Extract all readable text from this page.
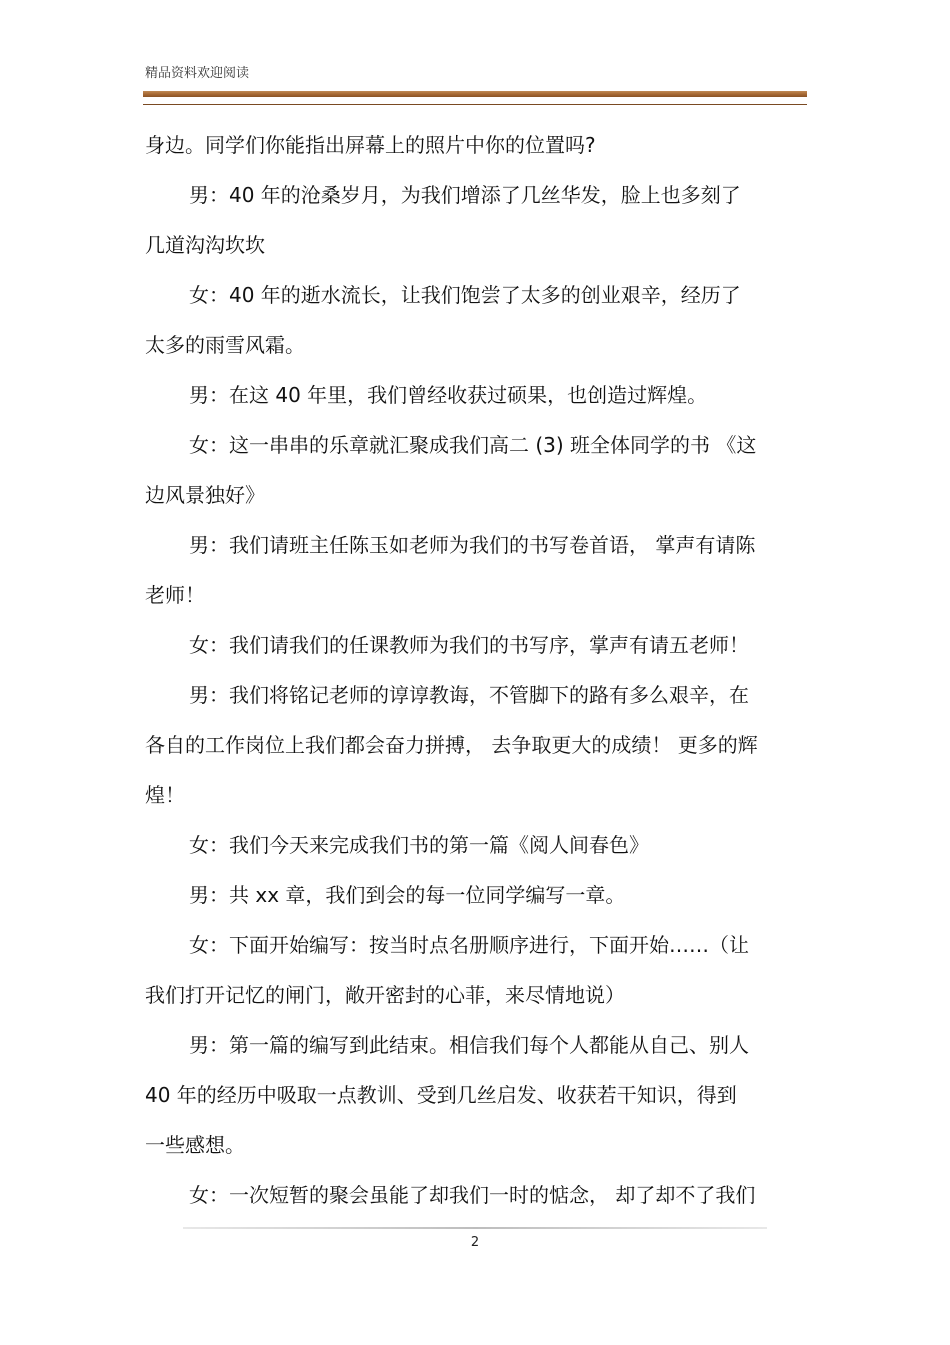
精品资料欢迎阅读
身边。同学们你能指出屏幕上的照片中你的位置吗?
男：40 年的沧桑岁月，为我们增添了几丝华发，脸上也多刻了
几道沟沟坎坎
女：40 年的逝水流长，让我们饱尝了太多的创业艰辛，经历了
太多的雨雪风霜。
男：在这 40 年里，我们曾经收获过硕果，也创造过辉煌。
女：这一串串的乐章就汇聚成我们高二 (3) 班全体同学的书 《这
边风景独好》
男：我们请班主任陈玉如老师为我们的书写卷首语， 掌声有请陈
老师！
女：我们请我们的任课教师为我们的书写序，掌声有请五老师！
男：我们将铭记老师的谆谆教诲，不管脚下的路有多么艰辛，在
各自的工作岗位上我们都会奋力拼搏， 去争取更大的成绩！ 更多的辉
煌！
女：我们今天来完成我们书的第一篇《阅人间春色》
男：共 xx 章，我们到会的每一位同学编写一章。
女：下面开始编写：按当时点名册顺序进行，下面开始……（让
我们打开记忆的闸门，敞开密封的心菲，来尽情地说）
男：第一篇的编写到此结束。相信我们每个人都能从自己、别人
40 年的经历中吸取一点教训、受到几丝启发、收获若干知识，得到
一些感想。
女：一次短暂的聚会虽能了却我们一时的惦念， 却了却不了我们
2
